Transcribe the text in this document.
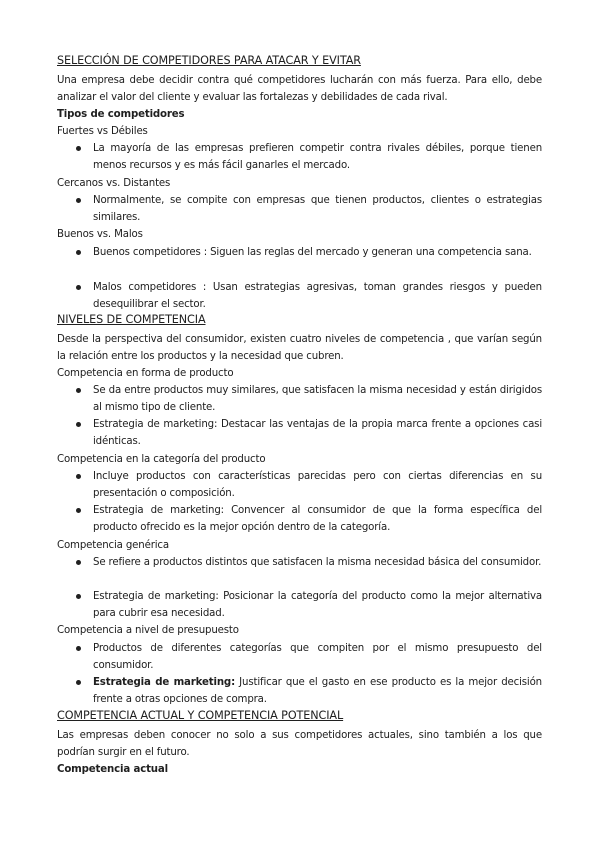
SELECCIÓN DE COMPETIDORES PARA ATACAR Y EVITAR
Una empresa debe decidir contra qué competidores lucharán con más fuerza. Para ello, debe analizar el valor del cliente y evaluar las fortalezas y debilidades de cada rival.
Tipos de competidores
Fuertes vs Débiles
La mayoría de las empresas prefieren competir contra rivales débiles, porque tienen menos recursos y es más fácil ganarles el mercado.
Cercanos vs. Distantes
Normalmente, se compite con empresas que tienen productos, clientes o estrategias similares.
Buenos vs. Malos
Buenos competidores : Siguen las reglas del mercado y generan una competencia sana.
Malos competidores : Usan estrategias agresivas, toman grandes riesgos y pueden desequilibrar el sector.
NIVELES DE COMPETENCIA
Desde la perspectiva del consumidor, existen cuatro niveles de competencia , que varían según la relación entre los productos y la necesidad que cubren.
Competencia en forma de producto
Se da entre productos muy similares, que satisfacen la misma necesidad y están dirigidos al mismo tipo de cliente.
Estrategia de marketing: Destacar las ventajas de la propia marca frente a opciones casi idénticas.
Competencia en la categoría del producto
Incluye productos con características parecidas pero con ciertas diferencias en su presentación o composición.
Estrategia de marketing: Convencer al consumidor de que la forma específica del producto ofrecido es la mejor opción dentro de la categoría.
Competencia genérica
Se refiere a productos distintos que satisfacen la misma necesidad básica del consumidor.
Estrategia de marketing: Posicionar la categoría del producto como la mejor alternativa para cubrir esa necesidad.
Competencia a nivel de presupuesto
Productos de diferentes categorías que compiten por el mismo presupuesto del consumidor.
Estrategia de marketing: Justificar que el gasto en ese producto es la mejor decisión frente a otras opciones de compra.
COMPETENCIA ACTUAL Y COMPETENCIA POTENCIAL
Las empresas deben conocer no solo a sus competidores actuales, sino también a los que podrían surgir en el futuro.
Competencia actual
